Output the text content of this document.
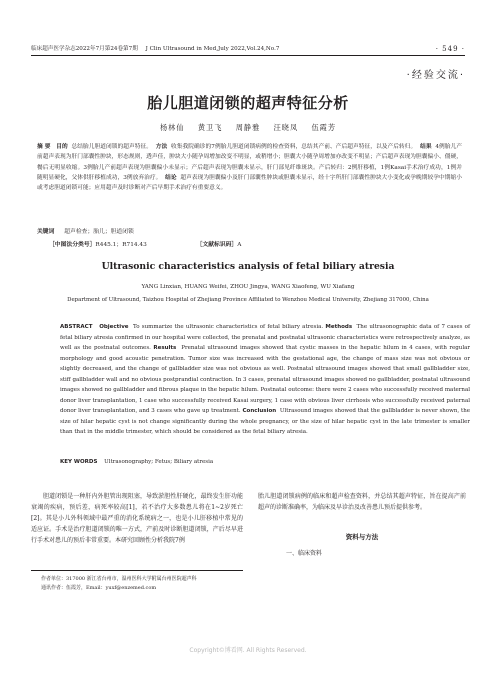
临床超声医学杂志2022年7月第24卷第7期 J Clin Ultrasound in Med,July 2022,Vol.24,No.7	· 549 ·
·经验交流·
胎儿胆道闭锁的超声特征分析
杨林仙 黄卫飞 周静雅 汪晓凤 伍霞芳
摘 要 目的 总结胎儿胆道闭锁的超声特征。 方法 收集我院确诊的7例胎儿胆道闭锁病例的检查资料，总结其产前、产后超声特征，以及产后转归。 结果 4例胎儿产前超声表现为肝门部囊性肿块，形态规则，透声佳，肿块大小随孕周增加改变不明显，或稍增小；胆囊大小随孕周增加亦改变不明显；产后超声表现为胆囊偏小、僵硬，餐后无明显收缩。3例胎儿产前超声表现为胆囊偏小未显示；产后超声表现为胆囊未显示，肝门部见纤维斑块。产后转归：2例肝移植，1例Kasai手术治疗成功，1例并随明显硬化，父体供肝移植成功，3例放弃治疗。 结论 超声表现为胆囊偏小及肝门部囊性肿块或胆囊未显示，经十字所肝门部囊性肿块大小变化或孕晚期较孕中期缩小或考虑胆道闭锁可能；应用超声及时诊断对产后早期手术治疗有重要意义。
关键词 超声检查；胎儿；胆道闭锁
［中图法分类号］R445.1；R714.43	［文献标识码］A
Ultrasonic characteristics analysis of fetal biliary atresia
YANG Linxian, HUANG Weifei, ZHOU Jingya, WANG Xiaofeng, WU Xiafang
Department of Ultrasound, Taizhou Hospital of Zhejiang Province Affiliated to Wenzhou Medical University, Zhejiang 317000, China
ABSTRACT Objective To summarize the ultrasonic characteristics of fetal biliary atresia. Methods The ultrasonographic data of 7 cases of fetal biliary atresia confirmed in our hospital were collected, the prenatal and postnatal ultrasonic characteristics were retrospectively analyze, as well as the postnatal outcomes. Results Prenatal ultrasound images showed that cystic masses in the hepatic hilum in 4 cases, with regular morphology and good acoustic penetration. Tumor size was increased with the gestational age, the change of mass size was not obvious or slightly decreased, and the change of gallbladder size was not obvious as well. Postnatal ultrasound images showed that small gallbladder size, stiff gallbladder wall and no obvious postprandial contraction. In 3 cases, prenatal ultrasound images showed no gallbladder, postnatal ultrasound images showed no gallbladder and fibrous plaque in the hepatic hilum. Postnatal outcome: there were 2 cases who successfully received maternal donor liver transplantation, 1 case who successfully received Kasai surgery, 1 case with obvious liver cirrhosis who successfully received paternal donor liver transplantation, and 3 cases who gave up treatment. Conclusion Ultrasound images showed that the gallbladder is never shown, the size of hilar hepatic cyst is not change significantly during the whole pregnancy, or the size of hilar hepatic cyst in the late trimester is smaller than that in the middle trimester, which should be considered as the fetal biliary atresia.
KEY WORDS Ultrasonography; Fetus; Biliary atresia
胆道闭锁是一种肝内外胆管出现阻塞，导致淤胆性肝硬化，最终发生肝功能衰竭的疾病，预后差，病死率较高[1]，若不治疗大多数患儿将在1~2岁死亡[2]。其是小儿外科领域中最严重的消化系统病之一，也是小儿肝移植中常见的适应证。手术是治疗胆道闭锁的唯一方式，产前及时诊断胆道闭锁，产后尽早进行手术对患儿的预后非常重要。本研究回顾性分析我院7例
胎儿胆道闭锁病例的临床和超声检查资料，并总结其超声特征，旨在提高产前超声的诊断准确率，为临床及早诊治及改善患儿预后提供参考。
资料与方法
一、临床资料
作者单位：317000 浙江省台州市，温州医科大学附属台州医院超声科
通讯作者：伍霞芳，Email：yuxf@enzemed.com
Copyright©博看网. All Rights Reserved.
